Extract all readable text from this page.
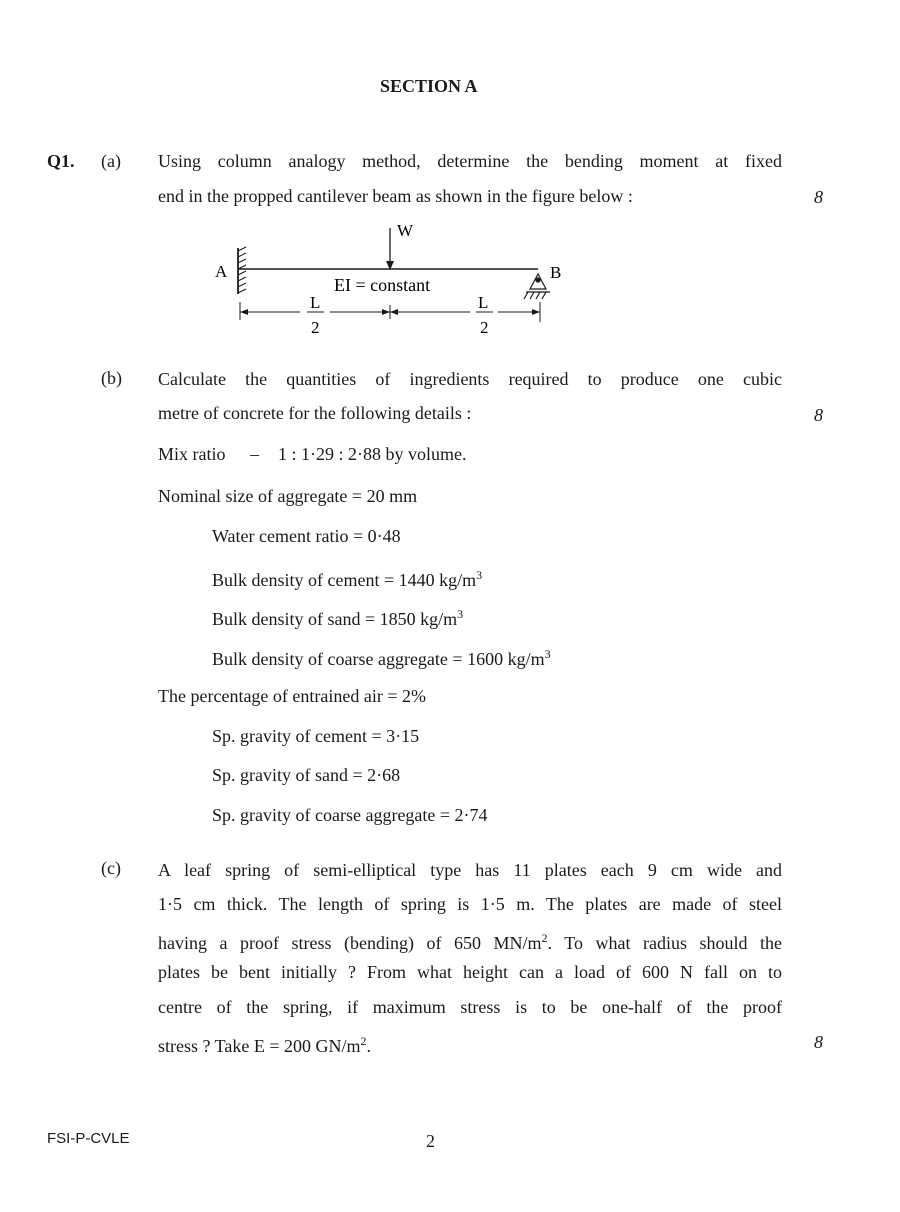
SECTION A
Q1. (a) Using column analogy method, determine the bending moment at fixed
end in the propped cantilever beam as shown in the figure below :	8
W
A	B
EI = constant
L
2
L
2
(b) Calculate the quantities of ingredients required to produce one cubic
metre of concrete for the following details :	8
Mix ratio – 1 : 1·29 : 2·88 by volume.
Nominal size of aggregate = 20 mm
Water cement ratio = 0·48
Bulk density of cement = 1440 $kg/m^3$
Bulk density of sand = 1850 $kg/m^3$
Bulk density of coarse aggregate = 1600 $kg/m^3$
The percentage of entrained air = 2%
Sp. gravity of cement = 3·15
Sp. gravity of sand = 2·68
Sp. gravity of coarse aggregate = 2·74
(c) A leaf spring of semi-elliptical type has 11 plates each 9 cm wide and
1·5 cm thick. The length of spring is 1·5 m. The plates are made of steel
having a proof stress (bending) of 650 $MN/m^2$. To what radius should the
plates be bent initially ? From what height can a load of 600 N fall on to
centre of the spring, if maximum stress is to be one-half of the proof
stress ? Take E = 200 $GN/m^2$.	8
FSI-P-CVLE	2
